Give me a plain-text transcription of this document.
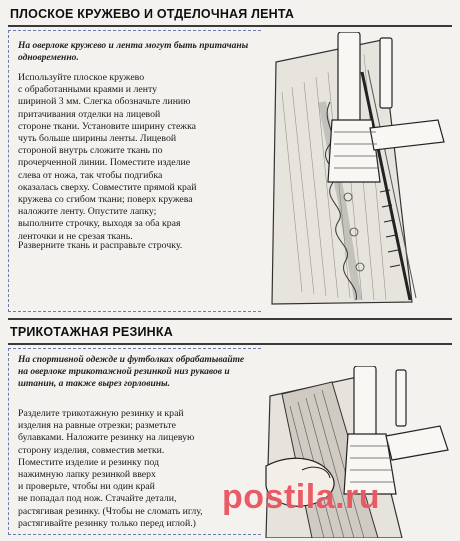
ПЛОСКОЕ КРУЖЕВО И ОТДЕЛОЧНАЯ ЛЕНТА
На оверлоке кружево и лента могут быть притачаны одновременно.
Используйте плоское кружево
с обработанными краями и ленту
шириной 3 мм. Слегка обозначьте линию
притачивания отделки на лицевой
стороне ткани. Установите ширину стежка
чуть больше ширины ленты. Лицевой
стороной внутрь сложите ткань по
прочерченной линии. Поместите изделие
слева от ножа, так чтобы подгибка
оказалась сверху. Совместите прямой край
кружева со сгибом ткани; поверх кружева
наложите ленту. Опустите лапку;
выполните строчку, выходя за оба края
ленточки и не срезая ткань.
Разверните ткань и расправьте строчку.
ТРИКОТАЖНАЯ РЕЗИНКА
На спортивной одежде и футболках обрабатывайте на оверлоке трикотажной резинкой низ рукавов и штанин, а также вырез горловины.
Разделите трикотажную резинку и край
изделия на равные отрезки; разметьте
булавками. Наложите резинку на лицевую
сторону изделия, совместив метки.
Поместите изделие и резинку под
нажимную лапку резинкой вверх
и проверьте, чтобы ни один край
не попадал под нож. Стачайте детали,
растягивая резинку. (Чтобы не сломать иглу,
растягивайте резинку только перед иглой.)
postila.ru
